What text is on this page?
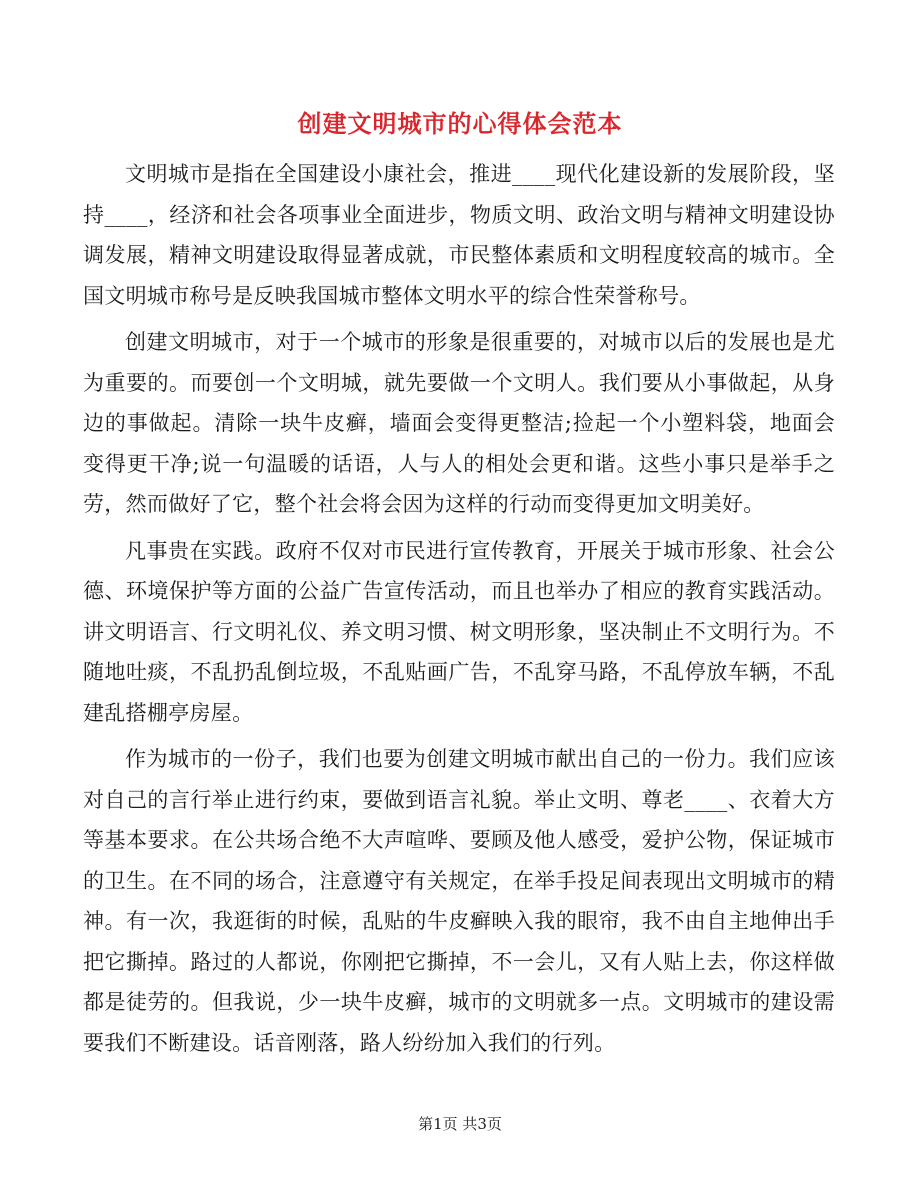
创建文明城市的心得体会范本

文明城市是指在全国建设小康社会，推进____现代化建设新的发展阶段，坚持____，经济和社会各项事业全面进步，物质文明、政治文明与精神文明建设协调发展，精神文明建设取得显著成就，市民整体素质和文明程度较高的城市。全国文明城市称号是反映我国城市整体文明水平的综合性荣誉称号。

创建文明城市，对于一个城市的形象是很重要的，对城市以后的发展也是尤为重要的。而要创一个文明城，就先要做一个文明人。我们要从小事做起，从身边的事做起。清除一块牛皮癣，墙面会变得更整洁;捡起一个小塑料袋，地面会变得更干净;说一句温暖的话语，人与人的相处会更和谐。这些小事只是举手之劳，然而做好了它，整个社会将会因为这样的行动而变得更加文明美好。

凡事贵在实践。政府不仅对市民进行宣传教育，开展关于城市形象、社会公德、环境保护等方面的公益广告宣传活动，而且也举办了相应的教育实践活动。讲文明语言、行文明礼仪、养文明习惯、树文明形象，坚决制止不文明行为。不随地吐痰，不乱扔乱倒垃圾，不乱贴画广告，不乱穿马路，不乱停放车辆，不乱建乱搭棚亭房屋。

作为城市的一份子，我们也要为创建文明城市献出自己的一份力。我们应该对自己的言行举止进行约束，要做到语言礼貌。举止文明、尊老____、衣着大方等基本要求。在公共场合绝不大声喧哗、要顾及他人感受，爱护公物，保证城市的卫生。在不同的场合，注意遵守有关规定，在举手投足间表现出文明城市的精神。有一次，我逛街的时候，乱贴的牛皮癣映入我的眼帘，我不由自主地伸出手把它撕掉。路过的人都说，你刚把它撕掉，不一会儿，又有人贴上去，你这样做都是徒劳的。但我说，少一块牛皮癣，城市的文明就多一点。文明城市的建设需要我们不断建设。话音刚落，路人纷纷加入我们的行列。

第1页 共3页
